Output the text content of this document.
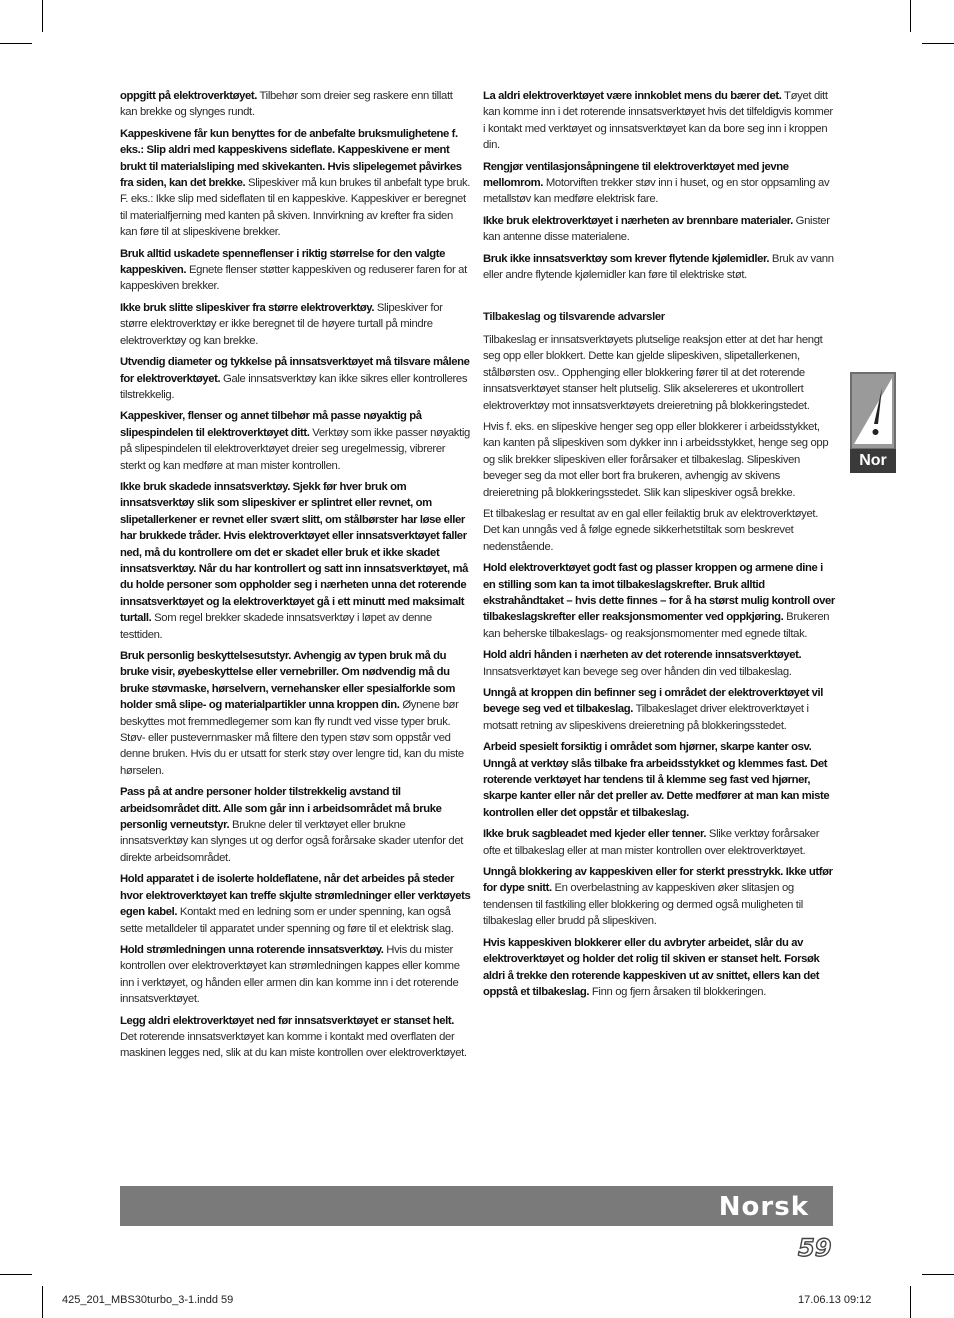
oppgitt på elektroverktøyet. Tilbehør som dreier seg raskere enn tillatt kan brekke og slynges rundt.

Kappeskivene får kun benyttes for de anbefalte bruksmulighetene f. eks.: Slip aldri med kappeskivens sideflate. Kappeskivene er ment brukt til materialsliping med skivekanten. Hvis slipelegemet påvirkes fra siden, kan det brekke. Slipeskiver må kun brukes til anbefalt type bruk. F. eks.: Ikke slip med sideflaten til en kappeskive. Kappeskiver er beregnet til materialfjerning med kanten på skiven. Innvirkning av krefter fra siden kan føre til at slipeskivene brekker.

Bruk alltid uskadete spenneflenser i riktig størrelse for den valgte kappeskiven. Egnete flenser støtter kappeskiven og reduserer faren for at kappeskiven brekker.

Ikke bruk slitte slipeskiver fra større elektroverktøy. Slipeskiver for større elektroverktøy er ikke beregnet til de høyere turtall på mindre elektroverktøy og kan brekke.

Utvendig diameter og tykkelse på innsatsverktøyet må tilsvare målene for elektroverktøyet. Gale innsatsverktøy kan ikke sikres eller kontrolleres tilstrekkelig.

Kappeskiver, flenser og annet tilbehør må passe nøyaktig på slipespindelen til elektroverktøyet ditt. Verktøy som ikke passer nøyaktig på slipespindelen til elektroverktøyet dreier seg uregelmessig, vibrerer sterkt og kan medføre at man mister kontrollen.

Ikke bruk skadede innsatsverktøy. Sjekk før hver bruk om innsatsverktøy slik som slipeskiver er splintret eller revnet, om slipetallerkener er revnet eller svært slitt, om stålbørster har løse eller har brukkede tråder. Hvis elektroverktøyet eller innsatsverktøyet faller ned, må du kontrollere om det er skadet eller bruk et ikke skadet innsatsverktøy. Når du har kontrollert og satt inn innsatsverktøyet, må du holde personer som oppholder seg i nærheten unna det roterende innsatsverktøyet og la elektroverktøyet gå i ett minutt med maksimalt turtall. Som regel brekker skadede innsatsverktøy i løpet av denne testtiden.

Bruk personlig beskyttelsesutstyr. Avhengig av typen bruk må du bruke visir, øyebeskyttelse eller vernebriller. Om nødvendig må du bruke støvmaske, hørselvern, vernehansker eller spesialforkle som holder små slipe- og materialpartikler unna kroppen din. Øynene bør beskyttes mot fremmedlegemer som kan fly rundt ved visse typer bruk. Støv- eller pustevernmasker må filtere den typen støv som oppstår ved denne bruken. Hvis du er utsatt for sterk støy over lengre tid, kan du miste hørselen.

Pass på at andre personer holder tilstrekkelig avstand til arbeidsområdet ditt. Alle som går inn i arbeidsområdet må bruke personlig verneutstyr. Brukne deler til verktøyet eller brukne innsatsverktøy kan slynges ut og derfor også forårsake skader utenfor det direkte arbeidsområdet.

Hold apparatet i de isolerte holdeflatene, når det arbeides på steder hvor elektroverktøyet kan treffe skjulte strømledninger eller verktøyets egen kabel. Kontakt med en ledning som er under spenning, kan også sette metalldeler til apparatet under spenning og føre til et elektrisk slag.

Hold strømledningen unna roterende innsatsverktøy. Hvis du mister kontrollen over elektroverktøyet kan strømledningen kappes eller komme inn i verktøyet, og hånden eller armen din kan komme inn i det roterende innsatsverktøyet.

Legg aldri elektroverktøyet ned før innsatsverktøyet er stanset helt. Det roterende innsatsverktøyet kan komme i kontakt med overflaten der maskinen legges ned, slik at du kan miste kontrollen over elektroverktøyet.

La aldri elektroverktøyet være innkoblet mens du bærer det. Tøyet ditt kan komme inn i det roterende innsatsverktøyet hvis det tilfeldigvis kommer i kontakt med verktøyet og innsatsverktøyet kan da bore seg inn i kroppen din.

Rengjør ventilasjonsåpningene til elektroverktøyet med jevne mellomrom. Motorviften trekker støv inn i huset, og en stor oppsamling av metallstøv kan medføre elektrisk fare.

Ikke bruk elektroverktøyet i nærheten av brennbare materialer. Gnister kan antenne disse materialene.

Bruk ikke innsatsverktøy som krever flytende kjølemidler. Bruk av vann eller andre flytende kjølemidler kan føre til elektriske støt.

Tilbakeslag og tilsvarende advarsler

Tilbakeslag er innsatsverktøyets plutselige reaksjon etter at det har hengt seg opp eller blokkert. Dette kan gjelde slipeskiven, slipetallerkenen, stålbørsten osv.. Opphenging eller blokkering fører til at det roterende innsatsverktøyet stanser helt plutselig. Slik akselereres et ukontrollert elektroverktøy mot innsatsverktøyets dreieretning på blokkeringstedet.

Hvis f. eks. en slipeskive henger seg opp eller blokkerer i arbeidsstykket, kan kanten på slipeskiven som dykker inn i arbeidsstykket, henge seg opp og slik brekker slipeskiven eller forårsaker et tilbakeslag. Slipeskiven beveger seg da mot eller bort fra brukeren, avhengig av skivens dreieretning på blokkeringsstedet. Slik kan slipeskiver også brekke.

Et tilbakeslag er resultat av en gal eller feilaktig bruk av elektroverktøyet. Det kan unngås ved å følge egnede sikkerhetstiltak som beskrevet nedenstående.

Hold elektroverktøyet godt fast og plasser kroppen og armene dine i en stilling som kan ta imot tilbakeslagskrefter. Bruk alltid ekstrahåndtaket – hvis dette finnes – for å ha størst mulig kontroll over tilbakeslagskrefter eller reaksjonsmomenter ved oppkjøring. Brukeren kan beherske tilbakeslags- og reaksjonsmomenter med egnede tiltak.

Hold aldri hånden i nærheten av det roterende innsatsverktøyet. Innsatsverktøyet kan bevege seg over hånden din ved tilbakeslag.

Unngå at kroppen din befinner seg i området der elektroverktøyet vil bevege seg ved et tilbakeslag. Tilbakeslaget driver elektroverktøyet i motsatt retning av slipeskivens dreieretning på blokkeringsstedet.

Arbeid spesielt forsiktig i området som hjørner, skarpe kanter osv. Unngå at verktøy slås tilbake fra arbeidsstykket og klemmes fast. Det roterende verktøyet har tendens til å klemme seg fast ved hjørner, skarpe kanter eller når det preller av. Dette medfører at man kan miste kontrollen eller det oppstår et tilbakeslag.

Ikke bruk sagbleadet med kjeder eller tenner. Slike verktøy forårsaker ofte et tilbakeslag eller at man mister kontrollen over elektroverktøyet.

Unngå blokkering av kappeskiven eller for sterkt presstrykk. Ikke utfør for dype snitt. En overbelastning av kappeskiven øker slitasjen og tendensen til fastkiling eller blokkering og dermed også muligheten til tilbakeslag eller brudd på slipeskiven.

Hvis kappeskiven blokkerer eller du avbryter arbeidet, slår du av elektroverktøyet og holder det rolig til skiven er stanset helt. Forsøk aldri å trekke den roterende kappeskiven ut av snittet, ellers kan det oppstå et tilbakeslag. Finn og fjern årsaken til blokkeringen.

Nor
Norsk
59
425_201_MBS30turbo_3-1.indd 59	17.06.13 09:12
